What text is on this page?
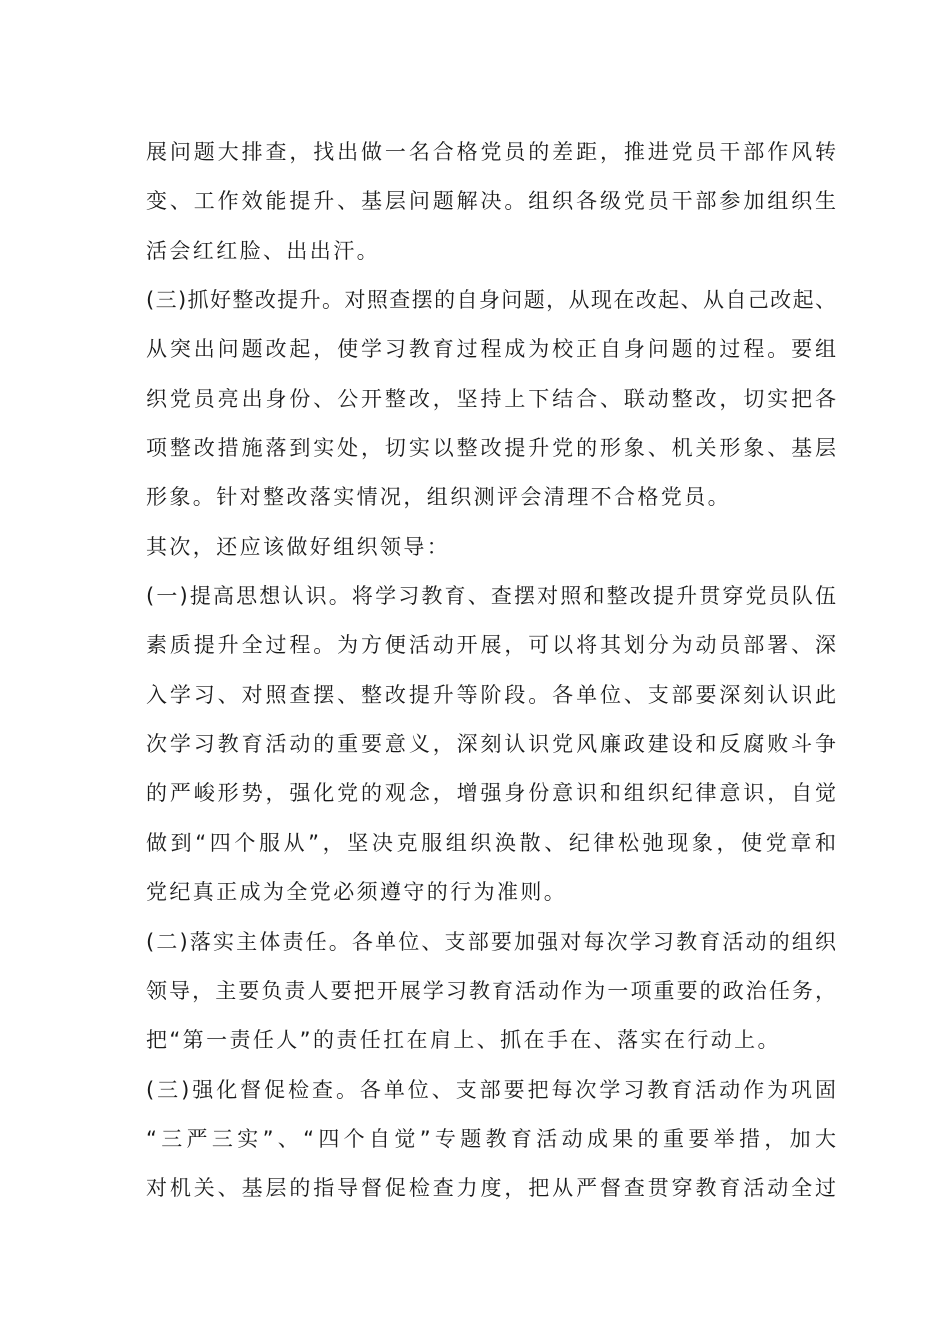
展问题大排查，找出做一名合格党员的差距，推进党员干部作风转
变、工作效能提升、基层问题解决。组织各级党员干部参加组织生
活会红红脸、出出汗。
(三)抓好整改提升。对照查摆的自身问题，从现在改起、从自己改起、
从突出问题改起，使学习教育过程成为校正自身问题的过程。要组
织党员亮出身份、公开整改，坚持上下结合、联动整改，切实把各
项整改措施落到实处，切实以整改提升党的形象、机关形象、基层
形象。针对整改落实情况，组织测评会清理不合格党员。
其次，还应该做好组织领导：
(一)提高思想认识。将学习教育、查摆对照和整改提升贯穿党员队伍
素质提升全过程。为方便活动开展，可以将其划分为动员部署、深
入学习、对照查摆、整改提升等阶段。各单位、支部要深刻认识此
次学习教育活动的重要意义，深刻认识党风廉政建设和反腐败斗争
的严峻形势，强化党的观念，增强身份意识和组织纪律意识，自觉
做到“四个服从”，坚决克服组织涣散、纪律松弛现象，使党章和
党纪真正成为全党必须遵守的行为准则。
(二)落实主体责任。各单位、支部要加强对每次学习教育活动的组织
领导，主要负责人要把开展学习教育活动作为一项重要的政治任务，
把“第一责任人”的责任扛在肩上、抓在手在、落实在行动上。
(三)强化督促检查。各单位、支部要把每次学习教育活动作为巩固
“三严三实”、“四个自觉”专题教育活动成果的重要举措，加大
对机关、基层的指导督促检查力度，把从严督查贯穿教育活动全过
